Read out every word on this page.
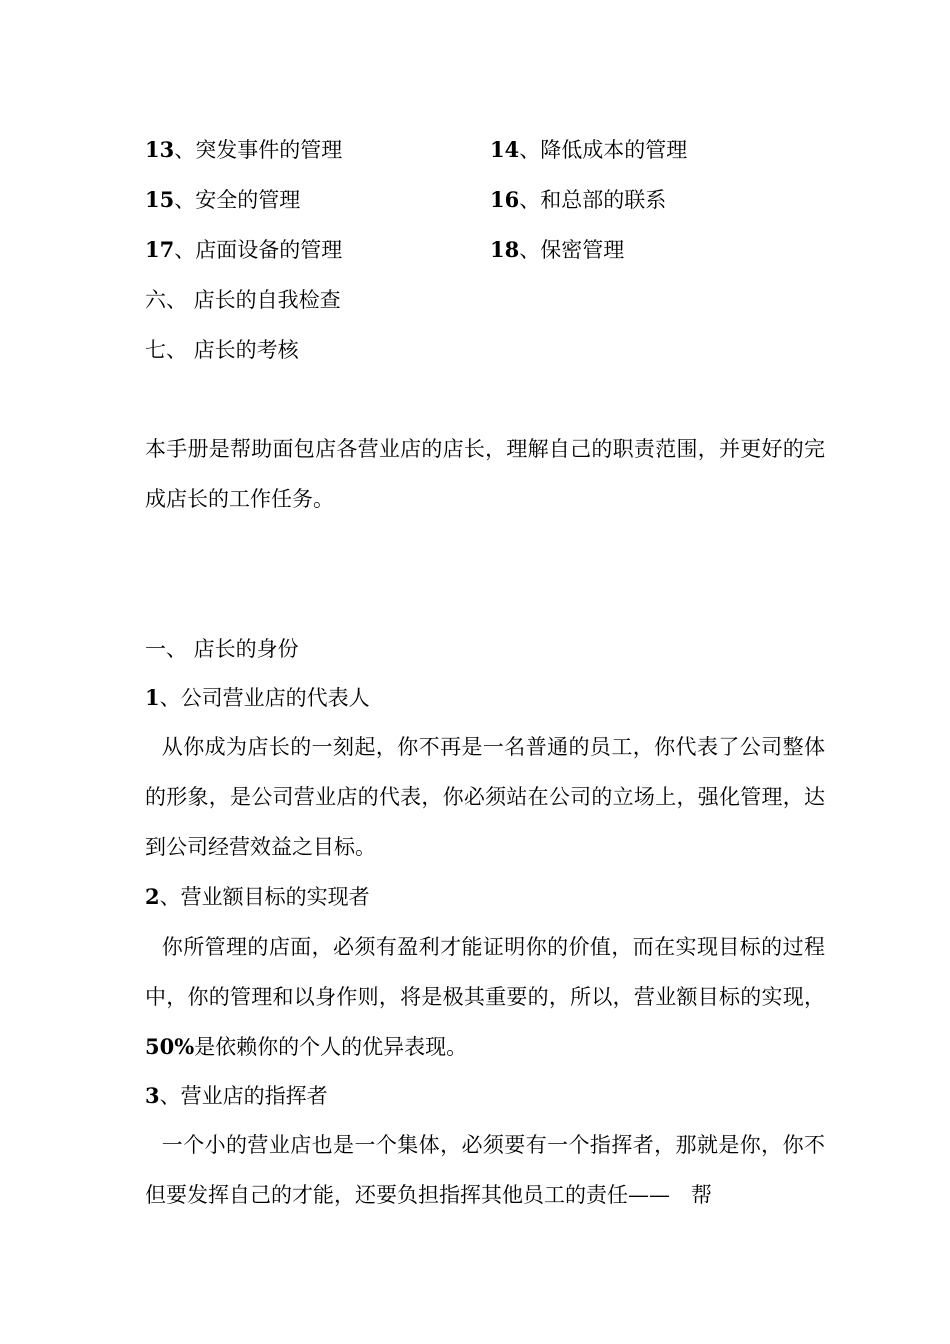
13、突发事件的管理	14、降低成本的管理
15、安全的管理	16、和总部的联系
17、店面设备的管理	18、保密管理
六、 店长的自我检查
七、 店长的考核
本手册是帮助面包店各营业店的店长，理解自己的职责范围，并更好的完成店长的工作任务。
一、 店长的身份
1、公司营业店的代表人
从你成为店长的一刻起，你不再是一名普通的员工，你代表了公司整体的形象，是公司营业店的代表，你必须站在公司的立场上，强化管理，达到公司经营效益之目标。
2、营业额目标的实现者
你所管理的店面，必须有盈利才能证明你的价值，而在实现目标的过程中，你的管理和以身作则，将是极其重要的，所以，营业额目标的实现，50%是依赖你的个人的优异表现。
3、营业店的指挥者
一个小的营业店也是一个集体，必须要有一个指挥者，那就是你，你不但要发挥自己的才能，还要负担指挥其他员工的责任——　帮
